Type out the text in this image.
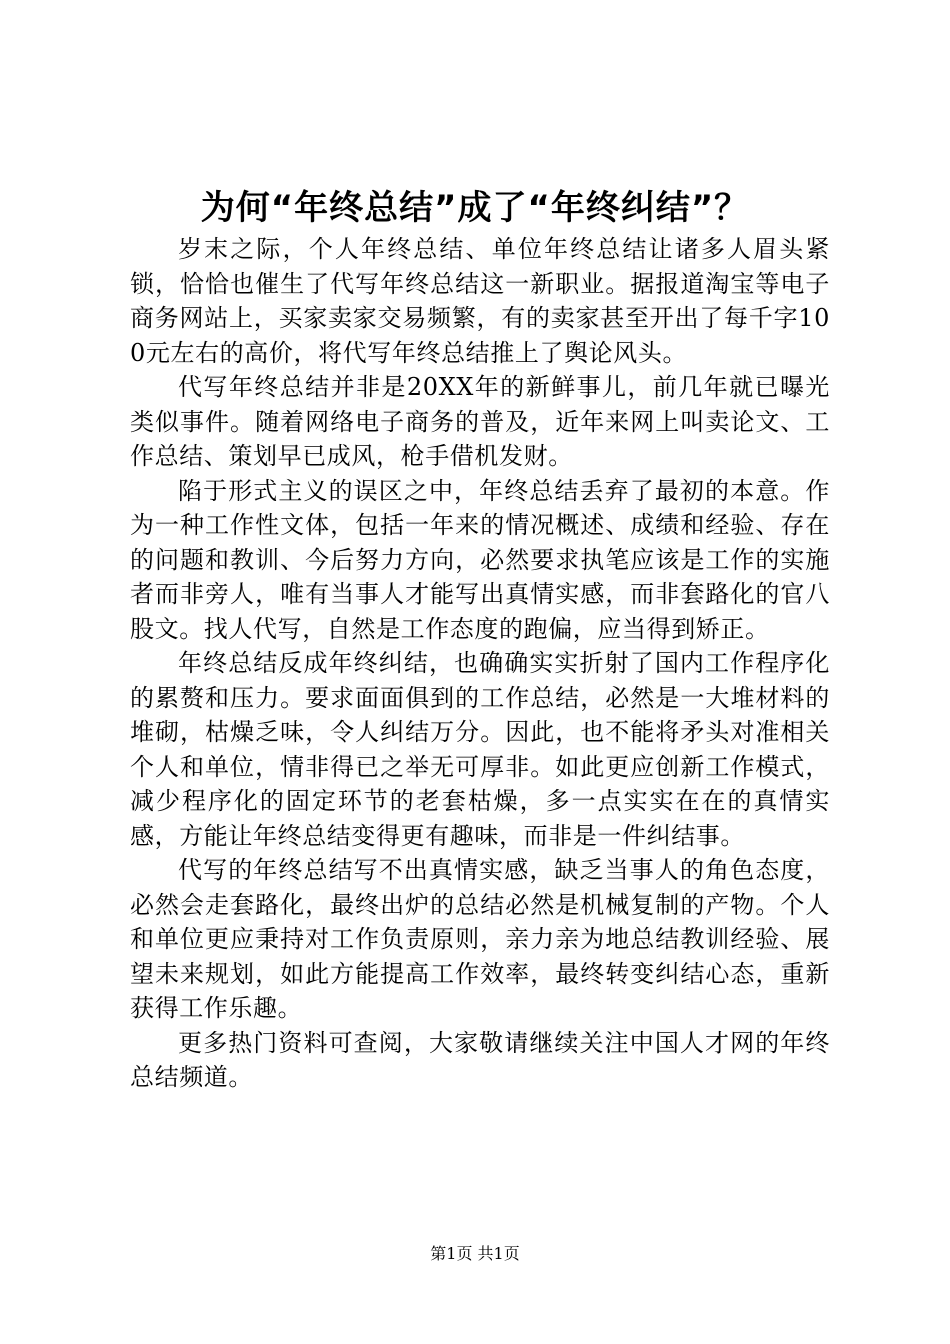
为何“年终总结”成了“年终纠结”？

岁末之际，个人年终总结、单位年终总结让诸多人眉头紧锁，恰恰也催生了代写年终总结这一新职业。据报道淘宝等电子商务网站上，买家卖家交易频繁，有的卖家甚至开出了每千字100元左右的高价，将代写年终总结推上了舆论风头。

代写年终总结并非是20XX年的新鲜事儿，前几年就已曝光类似事件。随着网络电子商务的普及，近年来网上叫卖论文、工作总结、策划早已成风，枪手借机发财。

陷于形式主义的误区之中，年终总结丢弃了最初的本意。作为一种工作性文体，包括一年来的情况概述、成绩和经验、存在的问题和教训、今后努力方向，必然要求执笔应该是工作的实施者而非旁人，唯有当事人才能写出真情实感，而非套路化的官八股文。找人代写，自然是工作态度的跑偏，应当得到矫正。

年终总结反成年终纠结，也确确实实折射了国内工作程序化的累赘和压力。要求面面俱到的工作总结，必然是一大堆材料的堆砌，枯燥乏味，令人纠结万分。因此，也不能将矛头对准相关个人和单位，情非得已之举无可厚非。如此更应创新工作模式，减少程序化的固定环节的老套枯燥，多一点实实在在的真情实感，方能让年终总结变得更有趣味，而非是一件纠结事。

代写的年终总结写不出真情实感，缺乏当事人的角色态度，必然会走套路化，最终出炉的总结必然是机械复制的产物。个人和单位更应秉持对工作负责原则，亲力亲为地总结教训经验、展望未来规划，如此方能提高工作效率，最终转变纠结心态，重新获得工作乐趣。

更多热门资料可查阅，大家敬请继续关注中国人才网的年终总结频道。

第1页 共1页
